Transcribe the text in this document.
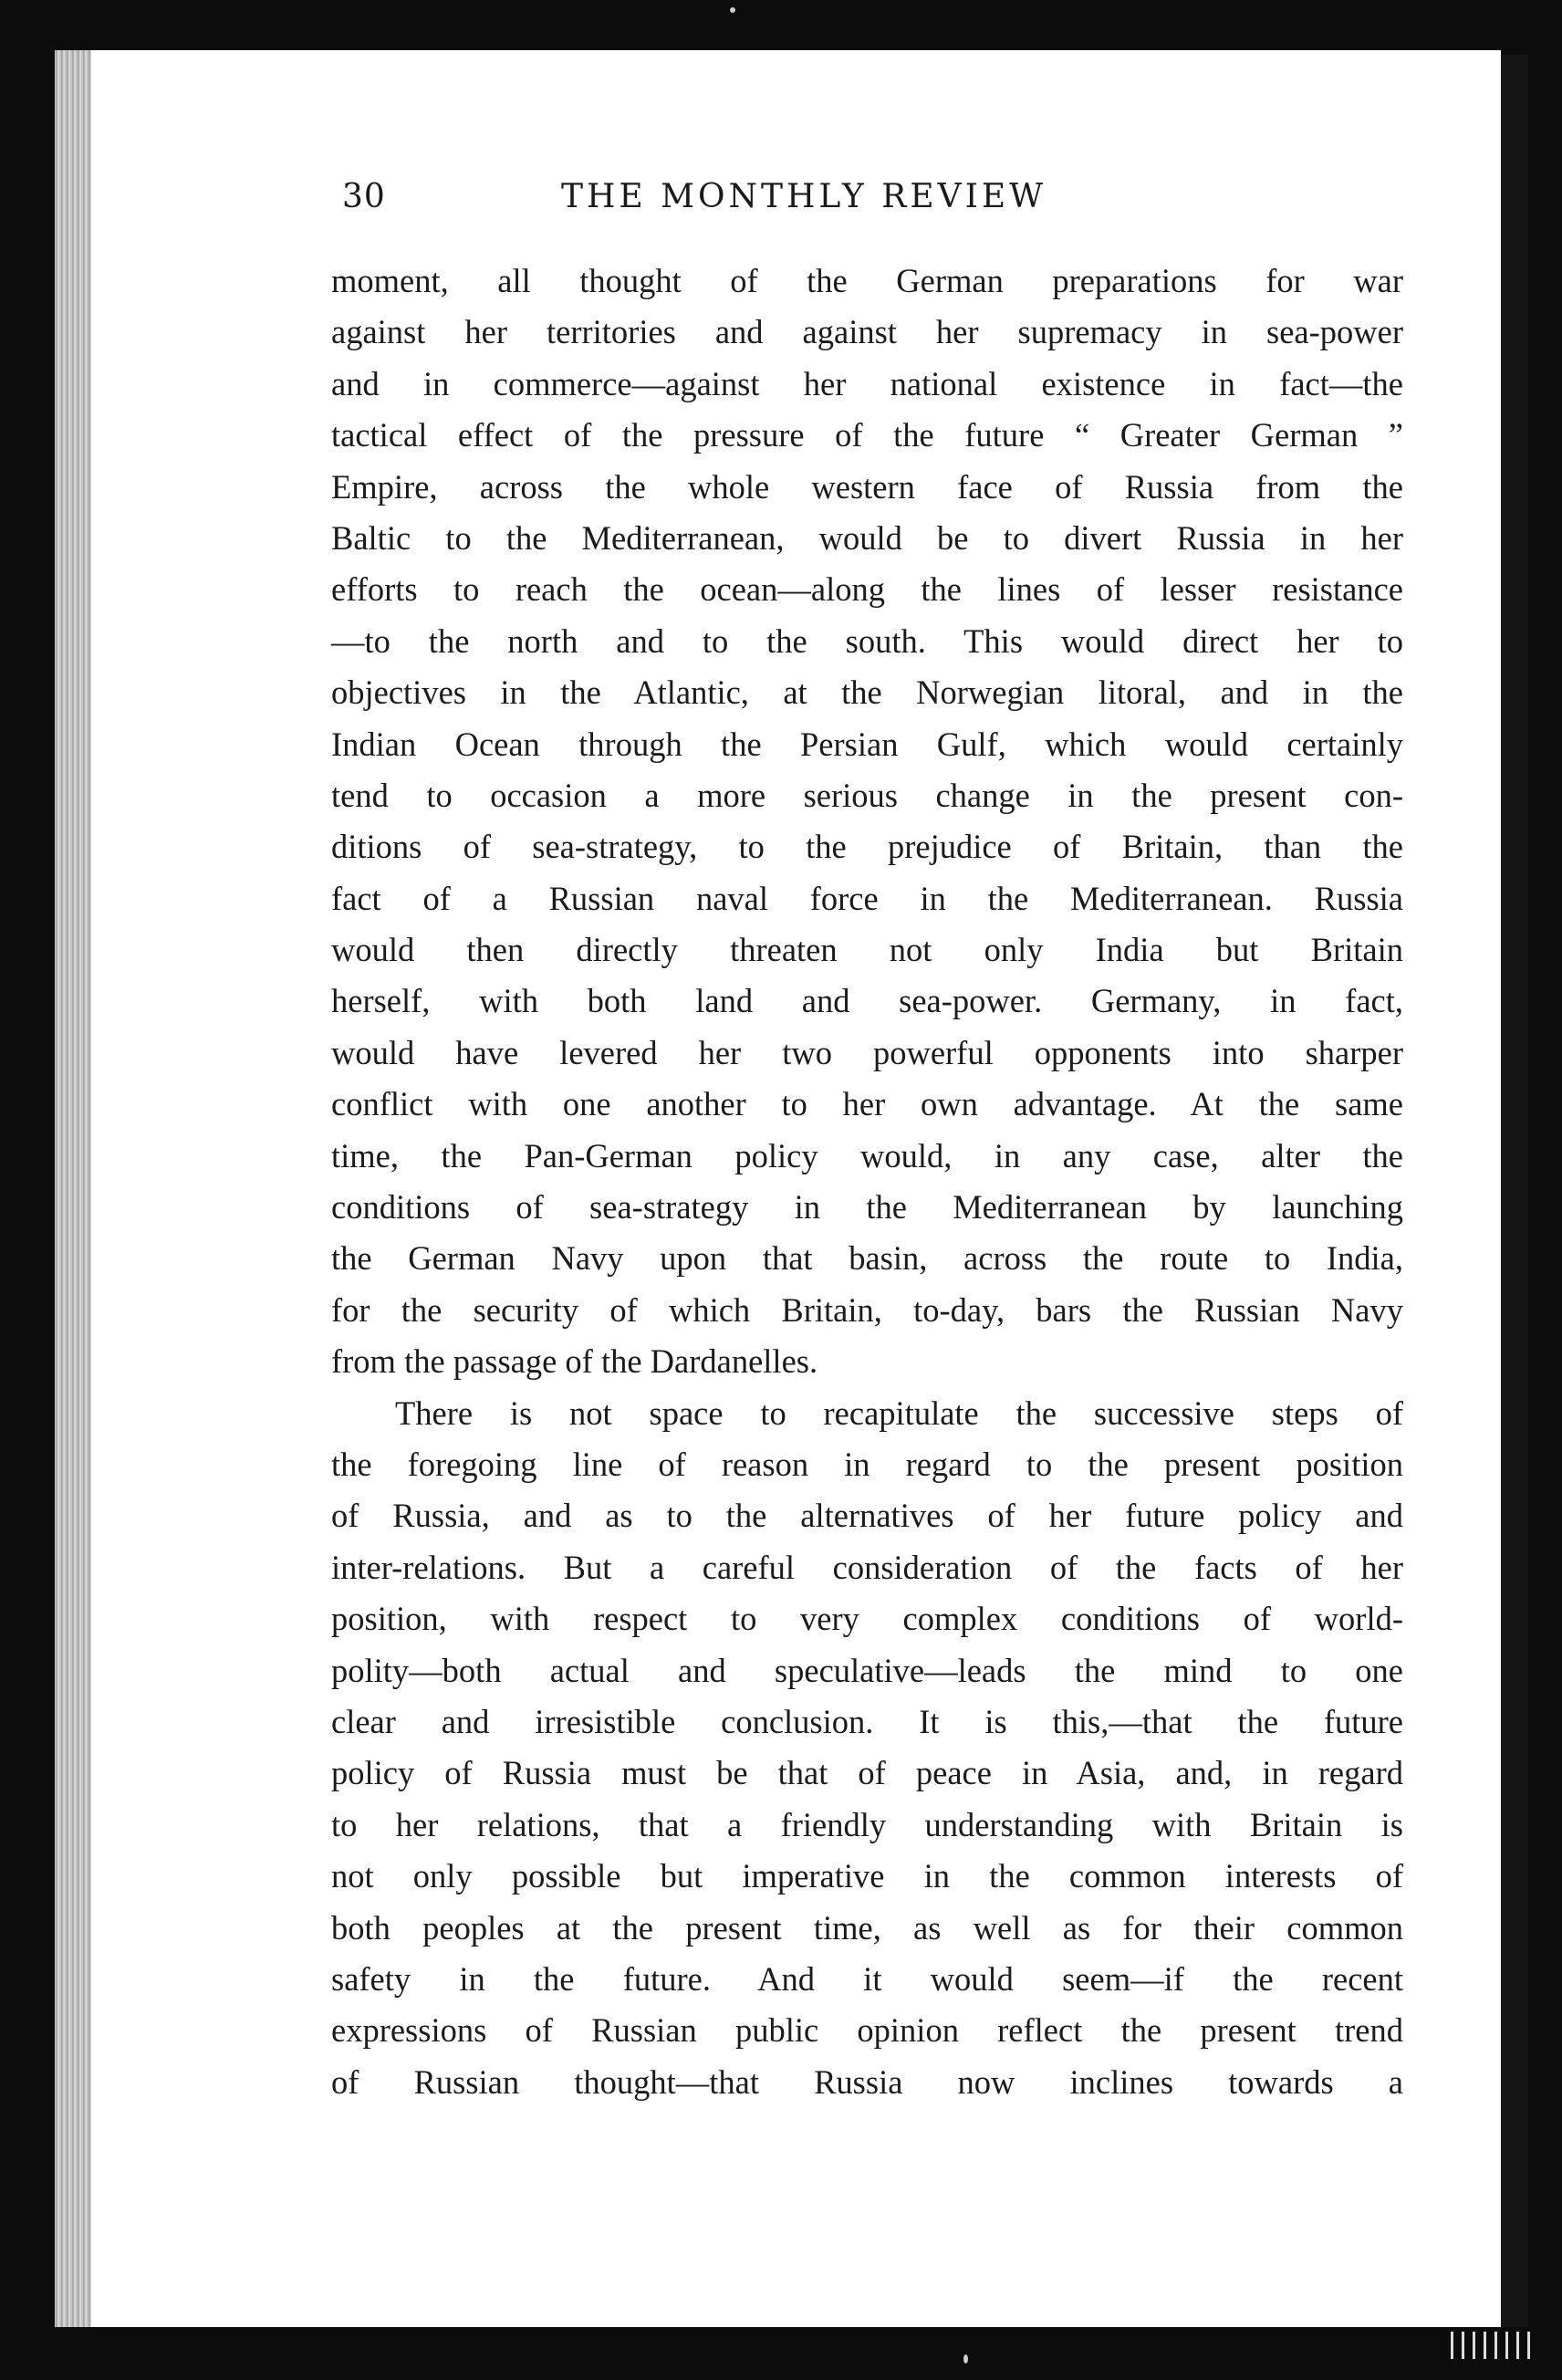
30	THE MONTHLY REVIEW
moment, all thought of the German preparations for war
against her territories and against her supremacy in sea-power
and in commerce—against her national existence in fact—the
tactical effect of the pressure of the future “ Greater German ”
Empire, across the whole western face of Russia from the
Baltic to the Mediterranean, would be to divert Russia in her
efforts to reach the ocean—along the lines of lesser resistance
—to the north and to the south. This would direct her to
objectives in the Atlantic, at the Norwegian litoral, and in the
Indian Ocean through the Persian Gulf, which would certainly
tend to occasion a more serious change in the present con-
ditions of sea-strategy, to the prejudice of Britain, than the
fact of a Russian naval force in the Mediterranean. Russia
would then directly threaten not only India but Britain
herself, with both land and sea-power. Germany, in fact,
would have levered her two powerful opponents into sharper
conflict with one another to her own advantage. At the same
time, the Pan-German policy would, in any case, alter the
conditions of sea-strategy in the Mediterranean by launching
the German Navy upon that basin, across the route to India,
for the security of which Britain, to-day, bars the Russian Navy
from the passage of the Dardanelles.
There is not space to recapitulate the successive steps of
the foregoing line of reason in regard to the present position
of Russia, and as to the alternatives of her future policy and
inter-relations. But a careful consideration of the facts of her
position, with respect to very complex conditions of world-
polity—both actual and speculative—leads the mind to one
clear and irresistible conclusion. It is this,—that the future
policy of Russia must be that of peace in Asia, and, in regard
to her relations, that a friendly understanding with Britain is
not only possible but imperative in the common interests of
both peoples at the present time, as well as for their common
safety in the future. And it would seem—if the recent
expressions of Russian public opinion reflect the present trend
of Russian thought—that Russia now inclines towards a
